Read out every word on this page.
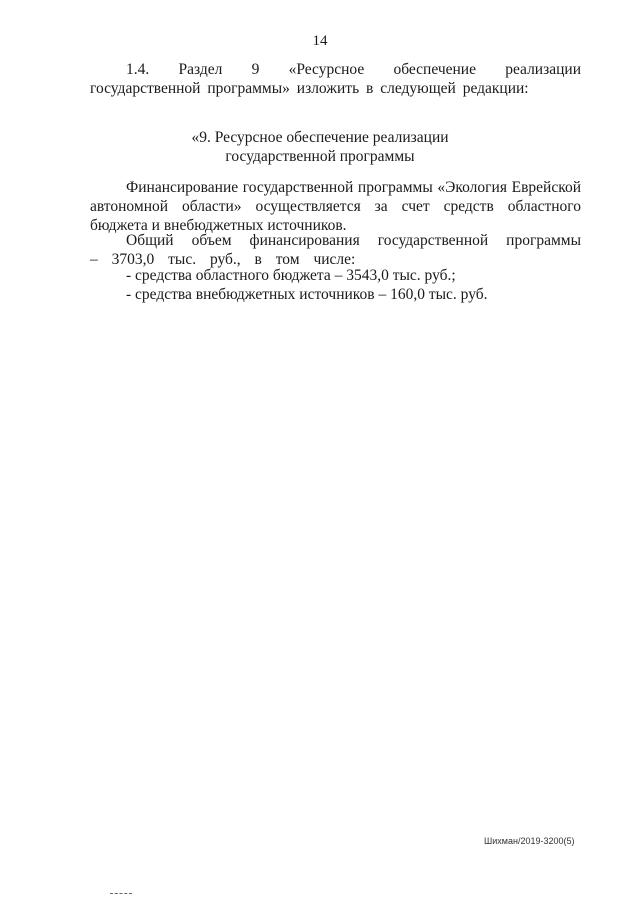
14

1.4. Раздел 9 «Ресурсное обеспечение реализации государственной программы» изложить в следующей редакции:

«9. Ресурсное обеспечение реализации
государственной программы

Финансирование государственной программы «Экология Еврейской автономной области» осуществляется за счет средств областного бюджета и внебюджетных источников.

Общий объем финансирования государственной программы – 3703,0 тыс. руб., в том числе:

- средства областного бюджета – 3543,0 тыс. руб.;
- средства внебюджетных источников – 160,0 тыс. руб.
Шихман/2019-3200(5)
